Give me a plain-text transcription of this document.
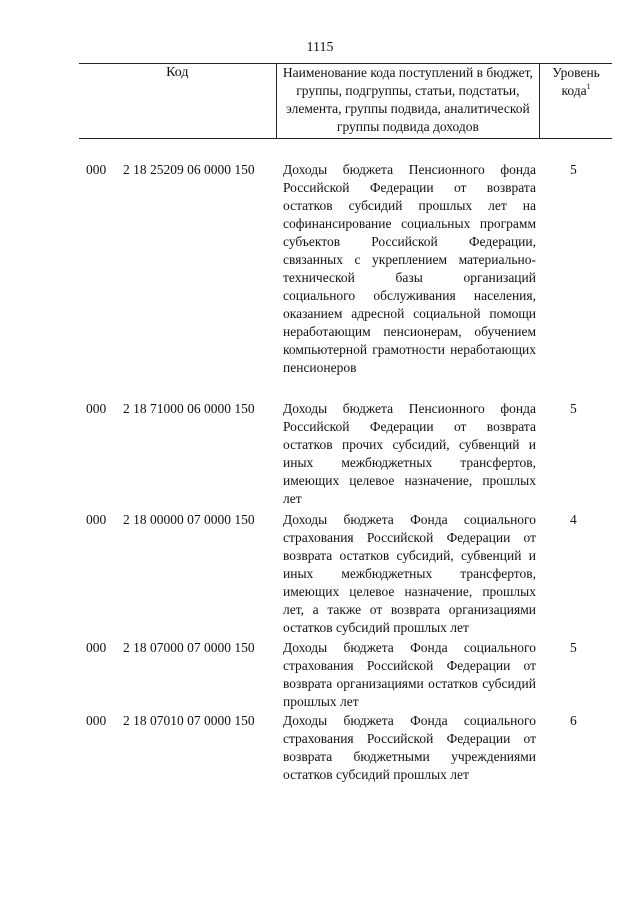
1115
Код	Наименование кода поступлений в бюджет, группы, подгруппы, статьи, подстатьи, элемента, группы подвида, аналитической группы подвида доходов
Уровень кода$^1$
000 2 18 25209 06 0000 150 Доходы бюджета Пенсионного фонда Российской Федерации от возврата остатков субсидий прошлых лет на софинансирование социальных программ субъектов Российской Федерации, связанных с укреплением материально-технической базы организаций социального обслуживания населения, оказанием адресной социальной помощи неработающим пенсионерам, обучением компьютерной грамотности неработающих пенсионеров
5
000 2 18 71000 06 0000 150 Доходы бюджета Пенсионного фонда Российской Федерации от возврата остатков прочих субсидий, субвенций и иных межбюджетных трансфертов, имеющих целевое назначение, прошлых лет
5
000 2 18 00000 07 0000 150 Доходы бюджета Фонда социального страхования Российской Федерации от возврата остатков субсидий, субвенций и иных межбюджетных трансфертов, имеющих целевое назначение, прошлых лет, а также от возврата организациями остатков субсидий прошлых лет
4
000 2 18 07000 07 0000 150 Доходы бюджета Фонда социального страхования Российской Федерации от возврата организациями остатков субсидий прошлых лет
5
000 2 18 07010 07 0000 150 Доходы бюджета Фонда социального страхования Российской Федерации от возврата бюджетными учреждениями остатков субсидий прошлых лет
6
